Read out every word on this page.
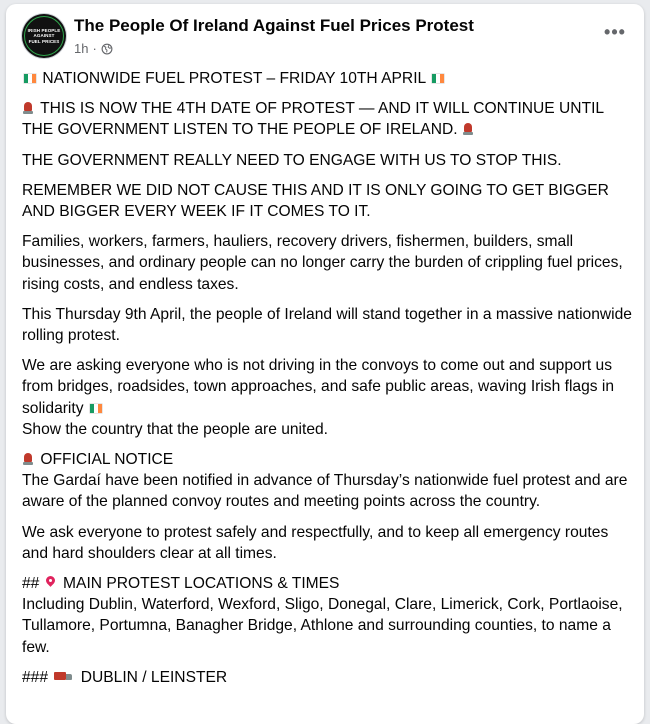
IRISH PEOPLE
AGAINST
FUEL PRICES
The People Of Ireland Against Fuel Prices Protest
1h ·
•••

NATIONWIDE FUEL PROTEST – FRIDAY 10TH APRIL

THIS IS NOW THE 4TH DATE OF PROTEST — AND IT WILL CONTINUE UNTIL THE GOVERNMENT LISTEN TO THE PEOPLE OF IRELAND.

THE GOVERNMENT REALLY NEED TO ENGAGE WITH US TO STOP THIS.

REMEMBER WE DID NOT CAUSE THIS AND IT IS ONLY GOING TO GET BIGGER AND BIGGER EVERY WEEK IF IT COMES TO IT.

Families, workers, farmers, hauliers, recovery drivers, fishermen, builders, small businesses, and ordinary people can no longer carry the burden of crippling fuel prices, rising costs, and endless taxes.

This Thursday 9th April, the people of Ireland will stand together in a massive nationwide rolling protest.

We are asking everyone who is not driving in the convoys to come out and support us from bridges, roadsides, town approaches, and safe public areas, waving Irish flags in solidarity

Show the country that the people are united.

OFFICIAL NOTICE

The Gardaí have been notified in advance of Thursday’s nationwide fuel protest and are aware of the planned convoy routes and meeting points across the country.

We ask everyone to protest safely and respectfully, and to keep all emergency routes and hard shoulders clear at all times.

## MAIN PROTEST LOCATIONS & TIMES

Including Dublin, Waterford, Wexford, Sligo, Donegal, Clare, Limerick, Cork, Portlaoise, Tullamore, Portumna, Banagher Bridge, Athlone and surrounding counties, to name a few.

### DUBLIN / LEINSTER
